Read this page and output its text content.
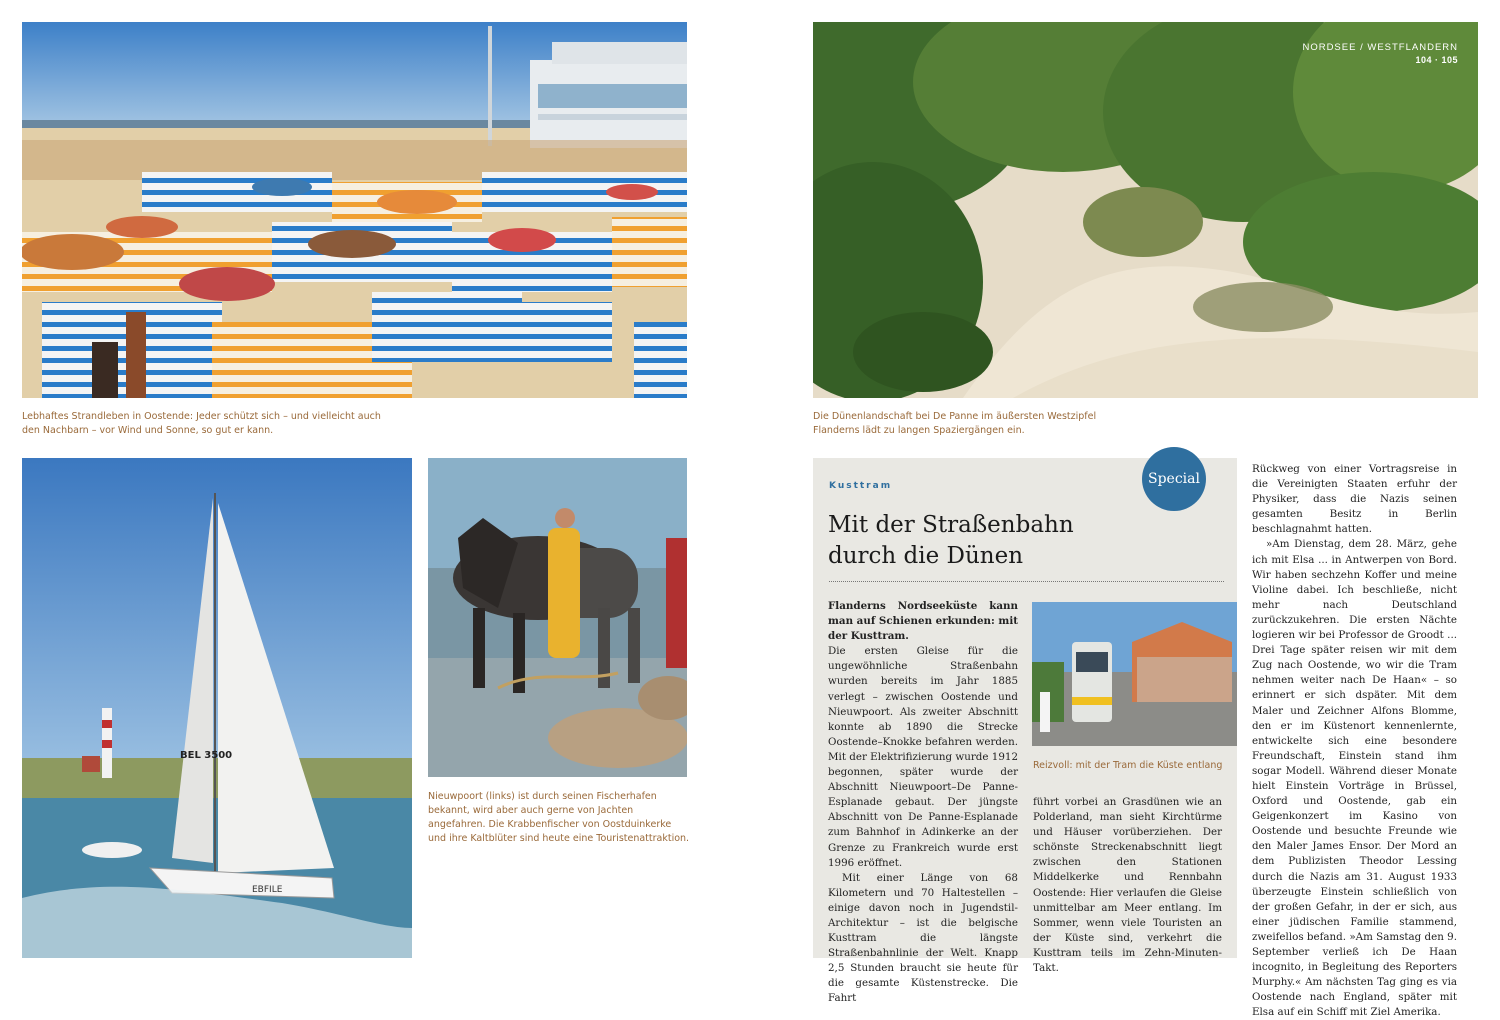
Lebhaftes Strandleben in Oostende: Jeder schützt sich – und vielleicht auch den Nachbarn – vor Wind und Sonne, so gut er kann.
NORDSEE / WESTFLANDERN
104 · 105
Die Dünenlandschaft bei De Panne im äußersten Westzipfel Flanderns lädt zu langen Spaziergängen ein.
BEL 3500
EBFILE
Nieuwpoort (links) ist durch seinen Fischerhafen bekannt, wird aber auch gerne von Jachten angefahren. Die Krabbenfischer von Oostduinkerke und ihre Kaltblüter sind heute eine Touristenattraktion.
Special
Kusttram
Mit der Straßenbahn durch die Dünen

Flanderns Nordseeküste kann man auf Schienen erkunden: mit der Kusttram.

Die ersten Gleise für die ungewöhnliche Straßenbahn wurden bereits im Jahr 1885 verlegt – zwischen Oostende und Nieuwpoort. Als zweiter Abschnitt konnte ab 1890 die Strecke Oostende–Knokke befahren werden. Mit der Elektrifizierung wurde 1912 begonnen, später wurde der Abschnitt Nieuwpoort–De Panne-Esplanade gebaut. Der jüngste Abschnitt von De Panne-Esplanade zum Bahnhof in Adinkerke an der Grenze zu Frankreich wurde erst 1996 eröffnet.

Mit einer Länge von 68 Kilometern und 70 Haltestellen – einige davon noch in Jugendstil-Architektur – ist die belgische Kusttram die längste Straßenbahnlinie der Welt. Knapp 2,5 Stunden braucht sie heute für die gesamte Küstenstrecke. Die Fahrt

Reizvoll: mit der Tram die Küste entlang

führt vorbei an Grasdünen wie an Polderland, man sieht Kirchtürme und Häuser vorüberziehen. Der schönste Streckenabschnitt liegt zwischen den Stationen Middelkerke und Rennbahn Oostende: Hier verlaufen die Gleise unmittelbar am Meer entlang. Im Sommer, wenn viele Touristen an der Küste sind, verkehrt die Kusttram teils im Zehn-Minuten-Takt.

Rückweg von einer Vortragsreise in die Vereinigten Staaten erfuhr der Physiker, dass die Nazis seinen gesamten Besitz in Berlin beschlagnahmt hatten.

»Am Dienstag, dem 28. März, gehe ich mit Elsa ... in Antwerpen von Bord. Wir haben sechzehn Koffer und meine Violine dabei. Ich beschließe, nicht mehr nach Deutschland zurückzukehren. Die ersten Nächte logieren wir bei Professor de Groodt ... Drei Tage später reisen wir mit dem Zug nach Oostende, wo wir die Tram nehmen weiter nach De Haan« – so erinnert er sich dspäter. Mit dem Maler und Zeichner Alfons Blomme, den er im Küstenort kennenlernte, entwickelte sich eine besondere Freundschaft, Einstein stand ihm sogar Modell. Während dieser Monate hielt Einstein Vorträge in Brüssel, Oxford und Oostende, gab ein Geigenkonzert im Kasino von Oostende und besuchte Freunde wie den Maler James Ensor. Der Mord an dem Publizisten Theodor Lessing durch die Nazis am 31. August 1933 überzeugte Einstein schließlich von der großen Gefahr, in der er sich, aus einer jüdischen Familie stammend, zweifellos befand. »Am Samstag den 9. September verließ ich De Haan incognito, in Begleitung des Reporters Murphy.« Am nächsten Tag ging es via Oostende nach England, später mit Elsa auf ein Schiff mit Ziel Amerika.
